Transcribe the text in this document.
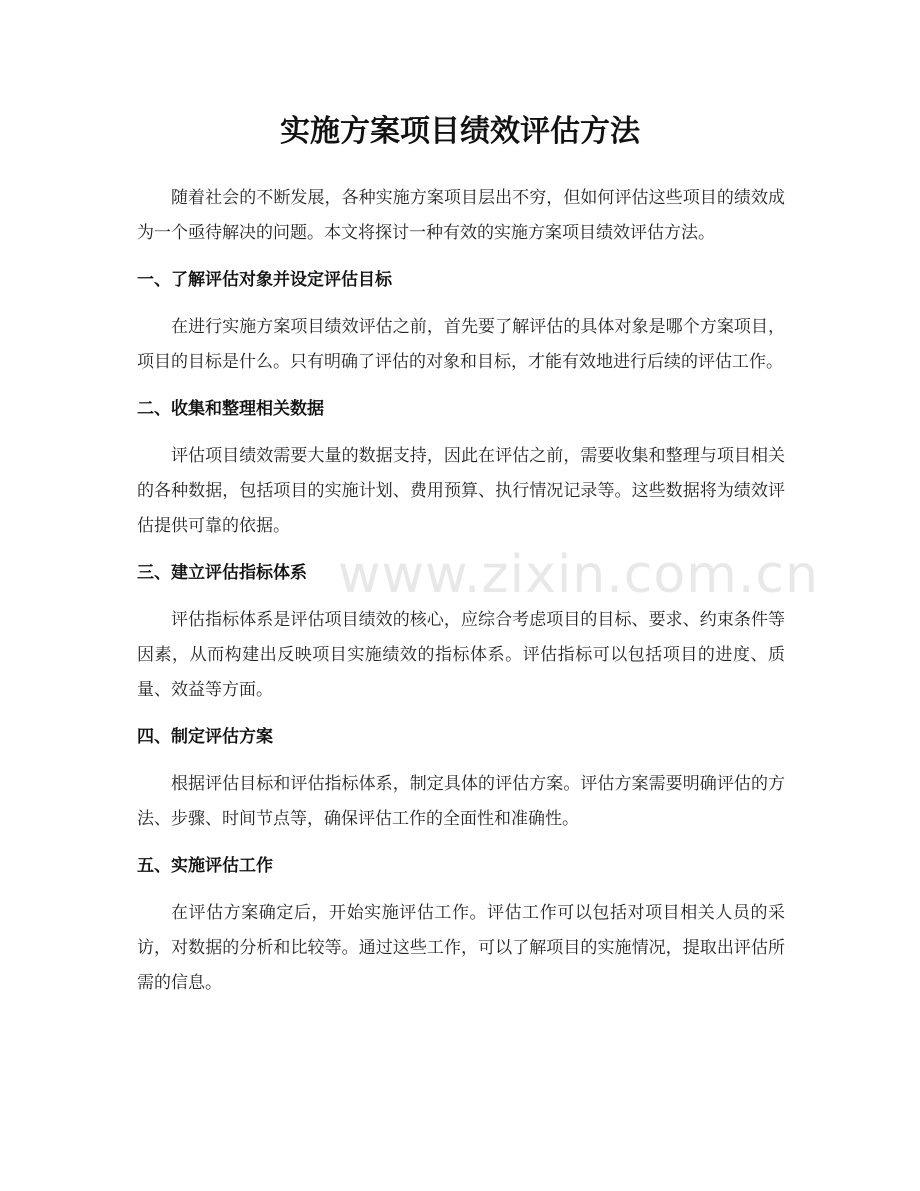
实施方案项目绩效评估方法

随着社会的不断发展，各种实施方案项目层出不穷，但如何评估这些项目的绩效成为一个亟待解决的问题。本文将探讨一种有效的实施方案项目绩效评估方法。

一、了解评估对象并设定评估目标

在进行实施方案项目绩效评估之前，首先要了解评估的具体对象是哪个方案项目，项目的目标是什么。只有明确了评估的对象和目标，才能有效地进行后续的评估工作。

二、收集和整理相关数据

评估项目绩效需要大量的数据支持，因此在评估之前，需要收集和整理与项目相关的各种数据，包括项目的实施计划、费用预算、执行情况记录等。这些数据将为绩效评估提供可靠的依据。

三、建立评估指标体系

评估指标体系是评估项目绩效的核心，应综合考虑项目的目标、要求、约束条件等因素，从而构建出反映项目实施绩效的指标体系。评估指标可以包括项目的进度、质量、效益等方面。

四、制定评估方案

根据评估目标和评估指标体系，制定具体的评估方案。评估方案需要明确评估的方法、步骤、时间节点等，确保评估工作的全面性和准确性。

五、实施评估工作

在评估方案确定后，开始实施评估工作。评估工作可以包括对项目相关人员的采访，对数据的分析和比较等。通过这些工作，可以了解项目的实施情况，提取出评估所需的信息。

www.zixin.com.cn
